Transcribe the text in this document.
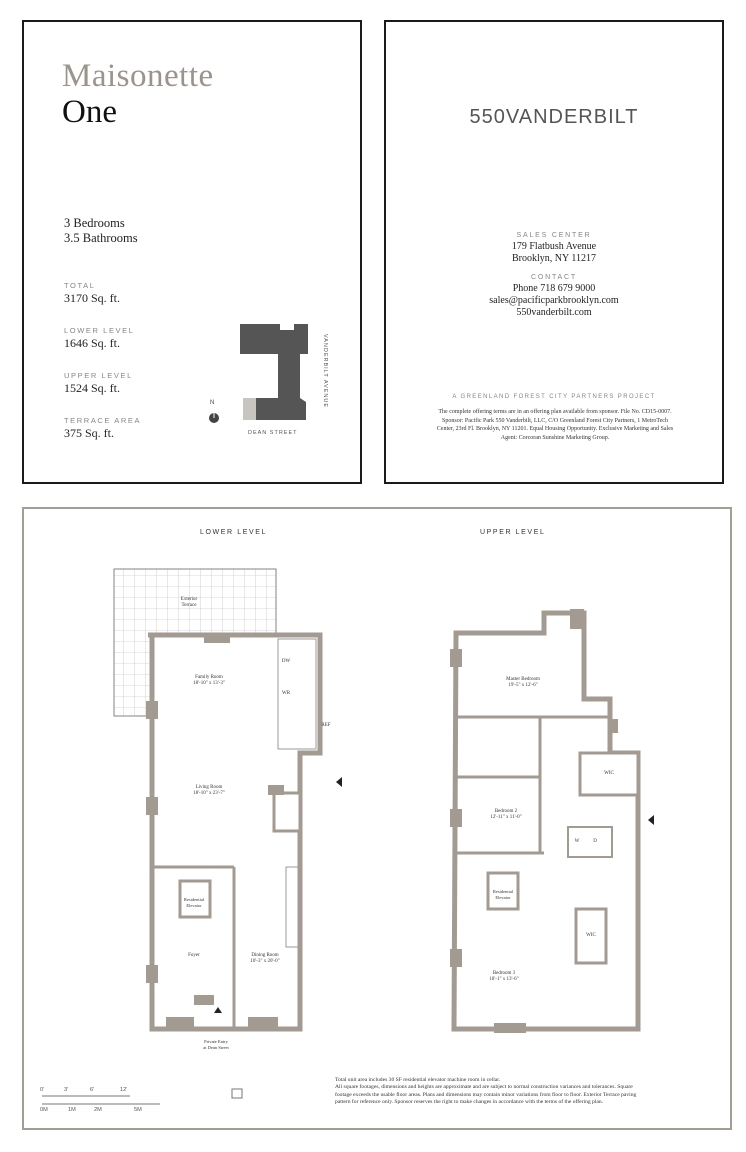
Maisonette
One
3 Bedrooms
3.5 Bathrooms
TOTAL
3170 Sq. ft.
LOWER LEVEL
1646 Sq. ft.
UPPER LEVEL
1524 Sq. ft.
TERRACE AREA
375 Sq. ft.
N
DEAN STREET
VANDERBILT AVENUE
550VANDERBILT
SALES CENTER
179 Flatbush Avenue
Brooklyn, NY 11217
CONTACT
Phone 718 679 9000
sales@pacificparkbrooklyn.com
550vanderbilt.com
A GREENLAND FOREST CITY PARTNERS PROJECT
The complete offering terms are in an offering plan available from sponsor. File No. CD15-0007.
Sponsor: Pacific Park 550 Vanderbilt, LLC, C/O Greenland Forest City Partners, 1 MetroTech
Center, 23rd Fl. Brooklyn, NY 11201. Equal Housing Opportunity. Exclusive Marketing and Sales
Agent: Corcoran Sunshine Marketing Group.
LOWER LEVEL	UPPER LEVEL
Exterior
Terrace
Family Room
18'-10" x 13'-3"
Living Room
18'-10" x 23'-7"
Residential
Elevator
Foyer	Dining Room
10'-3" x 20'-0"
DW
WR
REF
Private Entry
at Dean Street
Master Bedroom
19'-5" x 12'-6"
WIC
Bedroom 2
12'-11" x 11'-0"
Residential
Elevator
WIC
Bedroom 3
18'-1" x 13'-6"
W	D
0'	3'	6'	12'
0M	1M	2M	5M
Total unit area includes 30 SF residential elevator machine room in cellar.
All square footages, dimensions and heights are approximate and are subject to normal construction variances and tolerances. Square
footage exceeds the usable floor areas. Plans and dimensions may contain minor variations from floor to floor. Exterior Terrace paving
pattern for reference only. Sponsor reserves the right to make changes in accordance with the terms of the offering plan.
